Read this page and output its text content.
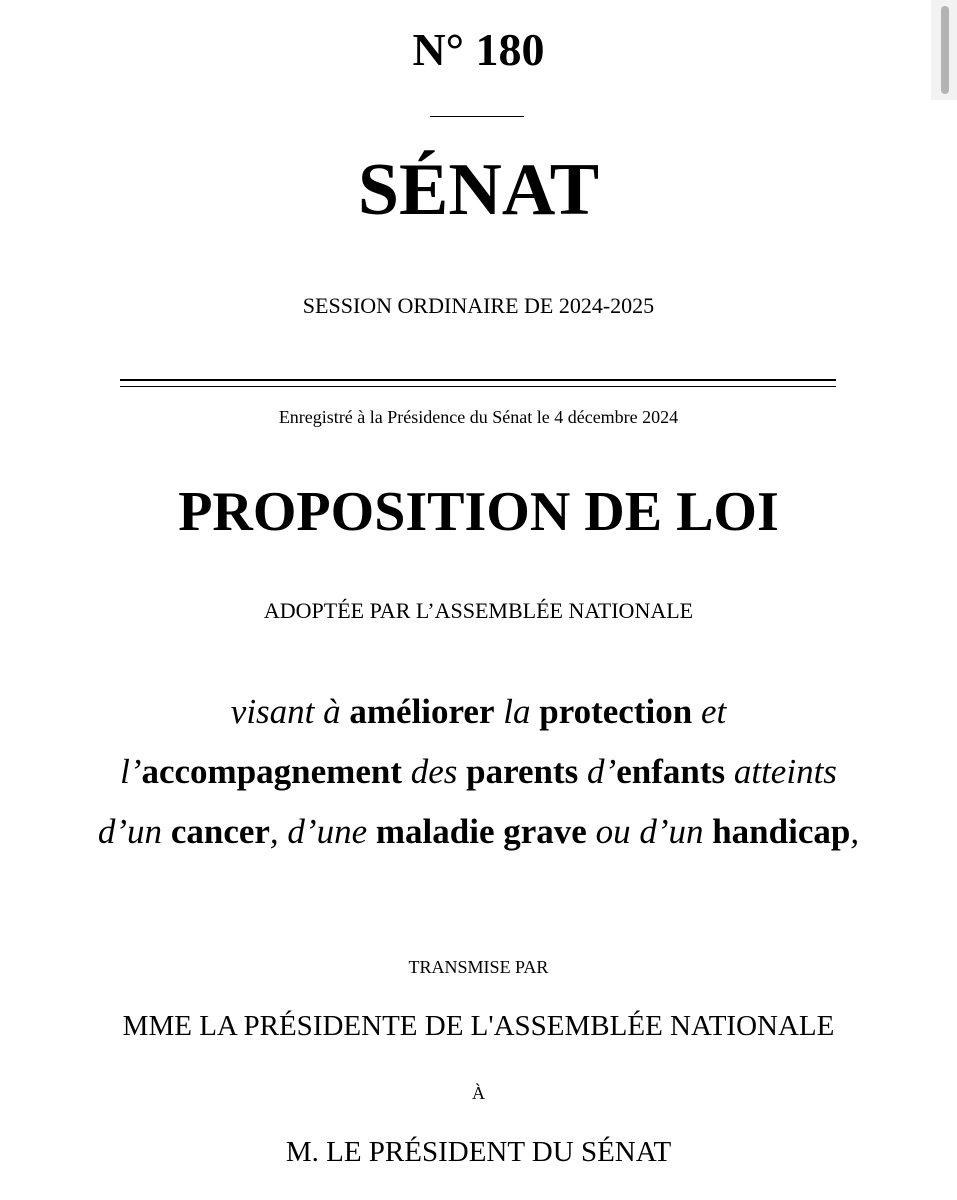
N° 180
SÉNAT
SESSION ORDINAIRE DE 2024-2025
Enregistré à la Présidence du Sénat le 4 décembre 2024
PROPOSITION DE LOI
ADOPTÉE PAR L’ASSEMBLÉE NATIONALE
visant à améliorer la protection et
l’accompagnement des parents d’enfants atteints
d’un cancer, d’une maladie grave ou d’un handicap,
TRANSMISE PAR
MME LA PRÉSIDENTE DE L'ASSEMBLÉE NATIONALE
À
M. LE PRÉSIDENT DU SÉNAT
